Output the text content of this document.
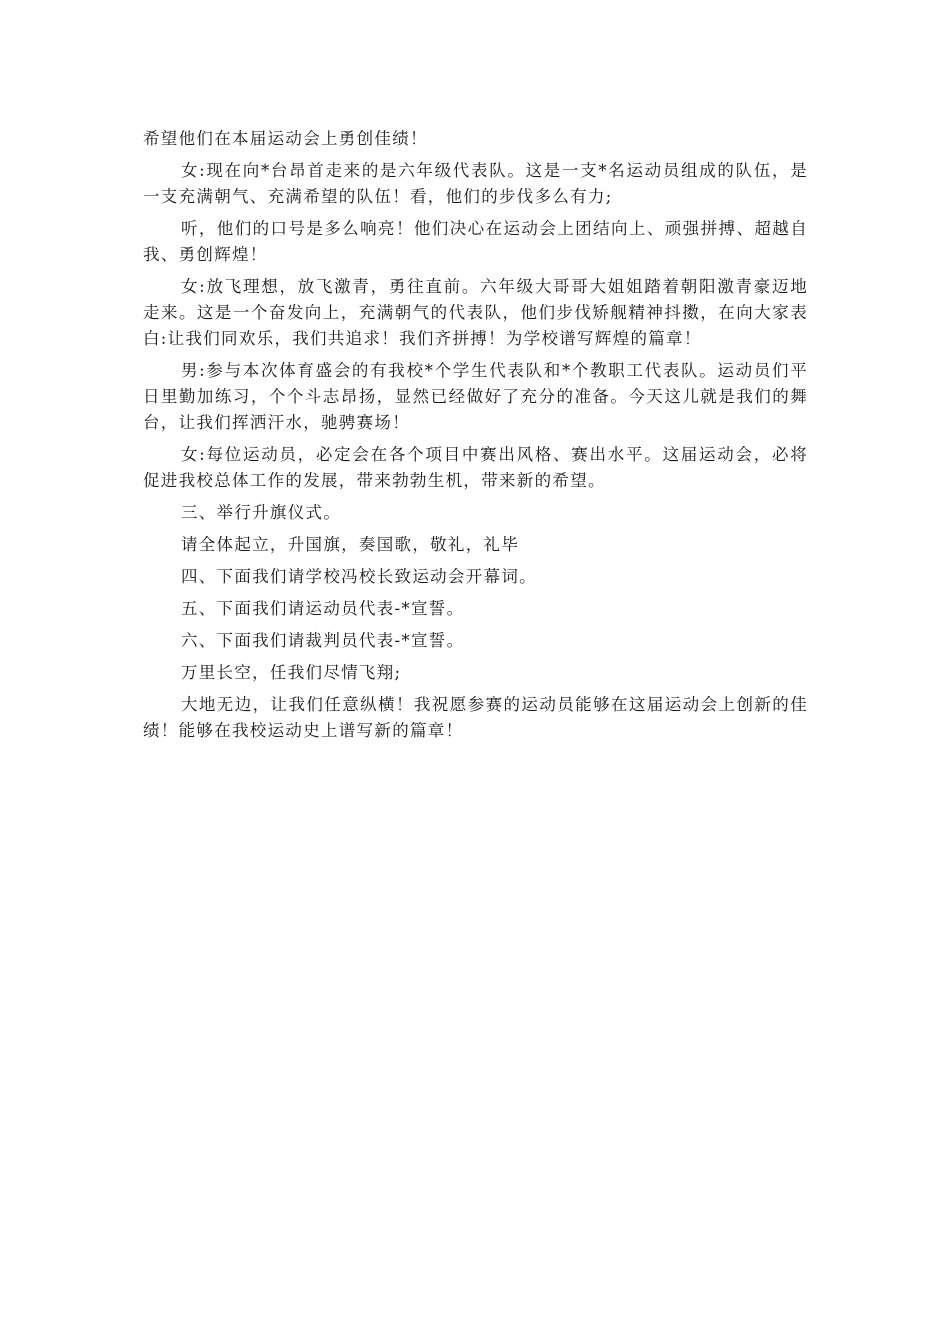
希望他们在本届运动会上勇创佳绩！

女:现在向*台昂首走来的是六年级代表队。这是一支*名运动员组成的队伍，是一支充满朝气、充满希望的队伍！看，他们的步伐多么有力;

听，他们的口号是多么响亮！他们决心在运动会上团结向上、顽强拼搏、超越自我、勇创辉煌！

女:放飞理想，放飞激青，勇往直前。六年级大哥哥大姐姐踏着朝阳激青豪迈地走来。这是一个奋发向上，充满朝气的代表队，他们步伐矫舰精神抖擞，在向大家表白:让我们同欢乐，我们共追求！我们齐拼搏！为学校谱写辉煌的篇章！

男:参与本次体育盛会的有我校*个学生代表队和*个教职工代表队。运动员们平日里勤加练习，个个斗志昂扬，显然已经做好了充分的准备。今天这儿就是我们的舞台，让我们挥洒汗水，驰骋赛场！

女:每位运动员，必定会在各个项目中赛出风格、赛出水平。这届运动会，必将促进我校总体工作的发展，带来勃勃生机，带来新的希望。

三、举行升旗仪式。

请全体起立，升国旗，奏国歌，敬礼，礼毕

四、下面我们请学校冯校长致运动会开幕词。

五、下面我们请运动员代表-*宣誓。

六、下面我们请裁判员代表-*宣誓。

万里长空，任我们尽情飞翔;

大地无边，让我们任意纵横！我祝愿参赛的运动员能够在这届运动会上创新的佳绩！能够在我校运动史上谱写新的篇章！
